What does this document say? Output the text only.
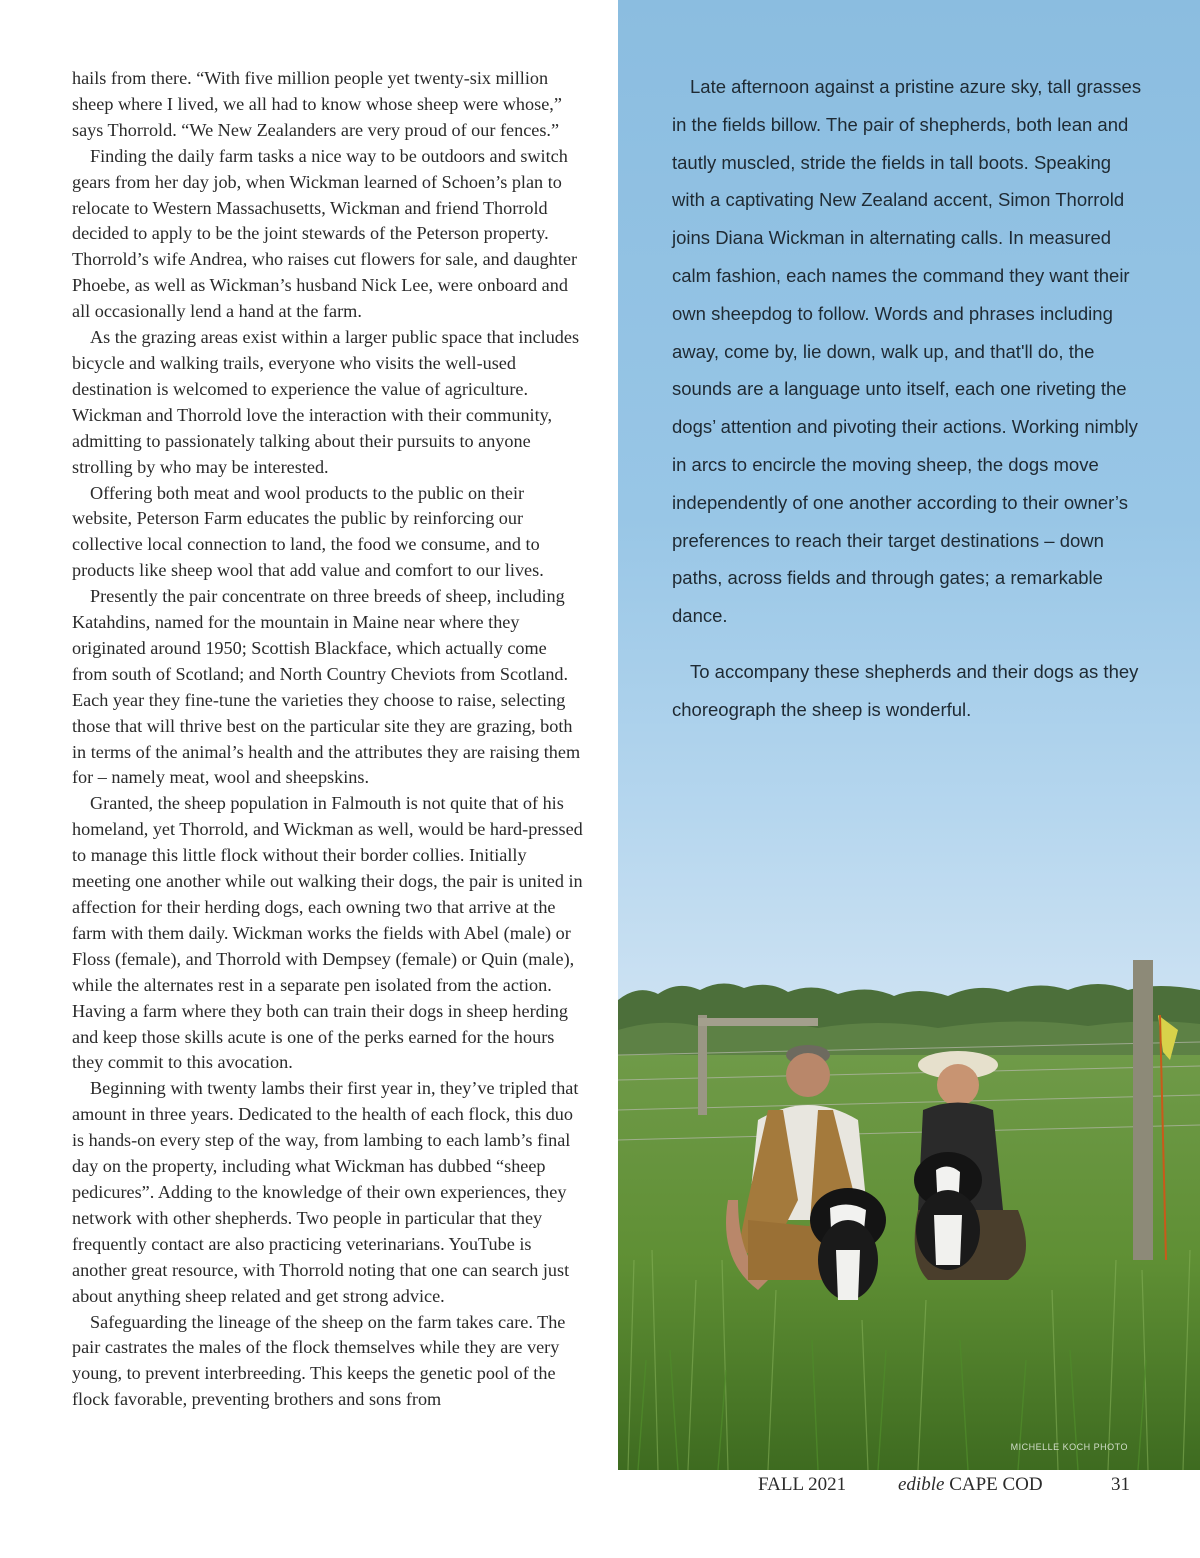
hails from there. “With five million people yet twenty-six million sheep where I lived, we all had to know whose sheep were whose,” says Thorrold. “We New Zealanders are very proud of our fences.”

Finding the daily farm tasks a nice way to be outdoors and switch gears from her day job, when Wickman learned of Schoen’s plan to relocate to Western Massachusetts, Wickman and friend Thorrold decided to apply to be the joint stewards of the Peterson property. Thorrold’s wife Andrea, who raises cut flowers for sale, and daughter Phoebe, as well as Wickman’s husband Nick Lee, were onboard and all occasionally lend a hand at the farm.

As the grazing areas exist within a larger public space that includes bicycle and walking trails, everyone who visits the well-used destination is welcomed to experience the value of agriculture. Wickman and Thorrold love the interaction with their community, admitting to passionately talking about their pursuits to anyone strolling by who may be interested.

Offering both meat and wool products to the public on their website, Peterson Farm educates the public by reinforcing our collective local connection to land, the food we consume, and to products like sheep wool that add value and comfort to our lives.

Presently the pair concentrate on three breeds of sheep, including Katahdins, named for the mountain in Maine near where they originated around 1950; Scottish Blackface, which actually come from south of Scotland; and North Country Cheviots from Scotland. Each year they fine-tune the varieties they choose to raise, selecting those that will thrive best on the particular site they are grazing, both in terms of the animal’s health and the attributes they are raising them for – namely meat, wool and sheepskins.

Granted, the sheep population in Falmouth is not quite that of his homeland, yet Thorrold, and Wickman as well, would be hard-pressed to manage this little flock without their border collies. Initially meeting one another while out walking their dogs, the pair is united in affection for their herding dogs, each owning two that arrive at the farm with them daily. Wickman works the fields with Abel (male) or Floss (female), and Thorrold with Dempsey (female) or Quin (male), while the alternates rest in a separate pen isolated from the action. Having a farm where they both can train their dogs in sheep herding and keep those skills acute is one of the perks earned for the hours they commit to this avocation.

Beginning with twenty lambs their first year in, they’ve tripled that amount in three years. Dedicated to the health of each flock, this duo is hands-on every step of the way, from lambing to each lamb’s final day on the property, including what Wickman has dubbed “sheep pedicures”. Adding to the knowledge of their own experiences, they network with other shepherds. Two people in particular that they frequently contact are also practicing veterinarians. YouTube is another great resource, with Thorrold noting that one can search just about anything sheep related and get strong advice.

Safeguarding the lineage of the sheep on the farm takes care. The pair castrates the males of the flock themselves while they are very young, to prevent interbreeding. This keeps the genetic pool of the flock favorable, preventing brothers and sons from

Late afternoon against a pristine azure sky, tall grasses in the fields billow. The pair of shepherds, both lean and tautly muscled, stride the fields in tall boots. Speaking with a captivating New Zealand accent, Simon Thorrold joins Diana Wickman in alternating calls. In measured calm fashion, each names the command they want their own sheepdog to follow. Words and phrases including away, come by, lie down, walk up, and that'll do, the sounds are a language unto itself, each one riveting the dogs’ attention and pivoting their actions. Working nimbly in arcs to encircle the moving sheep, the dogs move independently of one another according to their owner’s preferences to reach their target destinations – down paths, across fields and through gates; a remarkable dance.

To accompany these shepherds and their dogs as they choreograph the sheep is wonderful.

MICHELLE KOCH PHOTO
FALL 2021	edible CAPE COD	31
